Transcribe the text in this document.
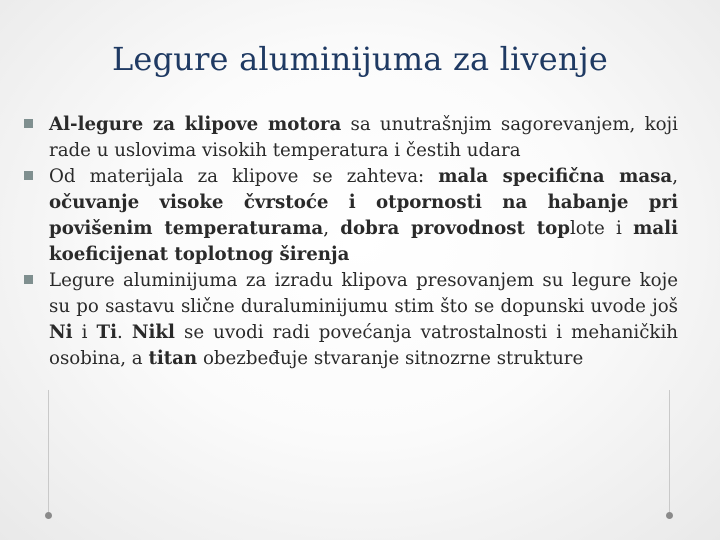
Legure aluminijuma za livenje

Al-legure za klipove motora sa unutrašnjim sagorevanjem, koji rade u uslovima visokih temperatura i čestih udara

Od materijala za klipove se zahteva: mala specifična masa, očuvanje visoke čvrstoće i otpornosti na habanje pri povišenim temperaturama, dobra provodnost toplote i mali koeficijenat toplotnog širenja

Legure aluminijuma za izradu klipova presovanjem su legure koje su po sastavu slične duraluminijumu stim što se dopunski uvode još Ni i Ti. Nikl se uvodi radi povećanja vatrostalnosti i mehaničkih osobina, a titan obezbeđuje stvaranje sitnozrne strukture
